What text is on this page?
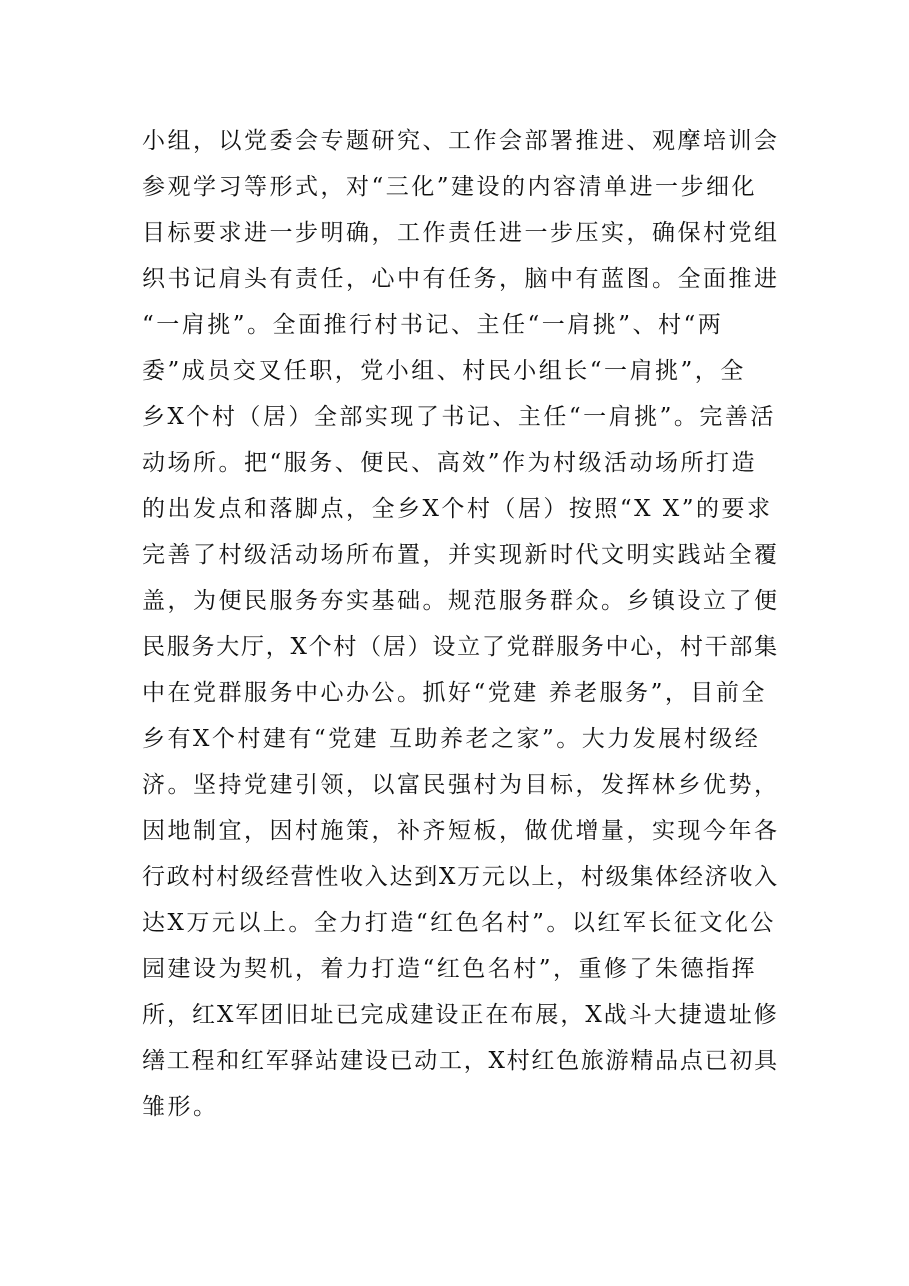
小组，以党委会专题研究、工作会部署推进、观摩培训会
参观学习等形式，对“三化”建设的内容清单进一步细化
目标要求进一步明确，工作责任进一步压实，确保村党组
织书记肩头有责任，心中有任务，脑中有蓝图。全面推进
“一肩挑”。全面推行村书记、主任“一肩挑”、村“两
委”成员交叉任职，党小组、村民小组长“一肩挑”，全
乡X个村（居）全部实现了书记、主任“一肩挑”。完善活
动场所。把“服务、便民、高效”作为村级活动场所打造
的出发点和落脚点，全乡X个村（居）按照“X X”的要求
完善了村级活动场所布置，并实现新时代文明实践站全覆
盖，为便民服务夯实基础。规范服务群众。乡镇设立了便
民服务大厅，X个村（居）设立了党群服务中心，村干部集
中在党群服务中心办公。抓好“党建 养老服务”，目前全
乡有X个村建有“党建 互助养老之家”。大力发展村级经
济。坚持党建引领，以富民强村为目标，发挥林乡优势，
因地制宜，因村施策，补齐短板，做优增量，实现今年各
行政村村级经营性收入达到X万元以上，村级集体经济收入
达X万元以上。全力打造“红色名村”。以红军长征文化公
园建设为契机，着力打造“红色名村”，重修了朱德指挥
所，红X军团旧址已完成建设正在布展，X战斗大捷遗址修
缮工程和红军驿站建设已动工，X村红色旅游精品点已初具
雏形。
